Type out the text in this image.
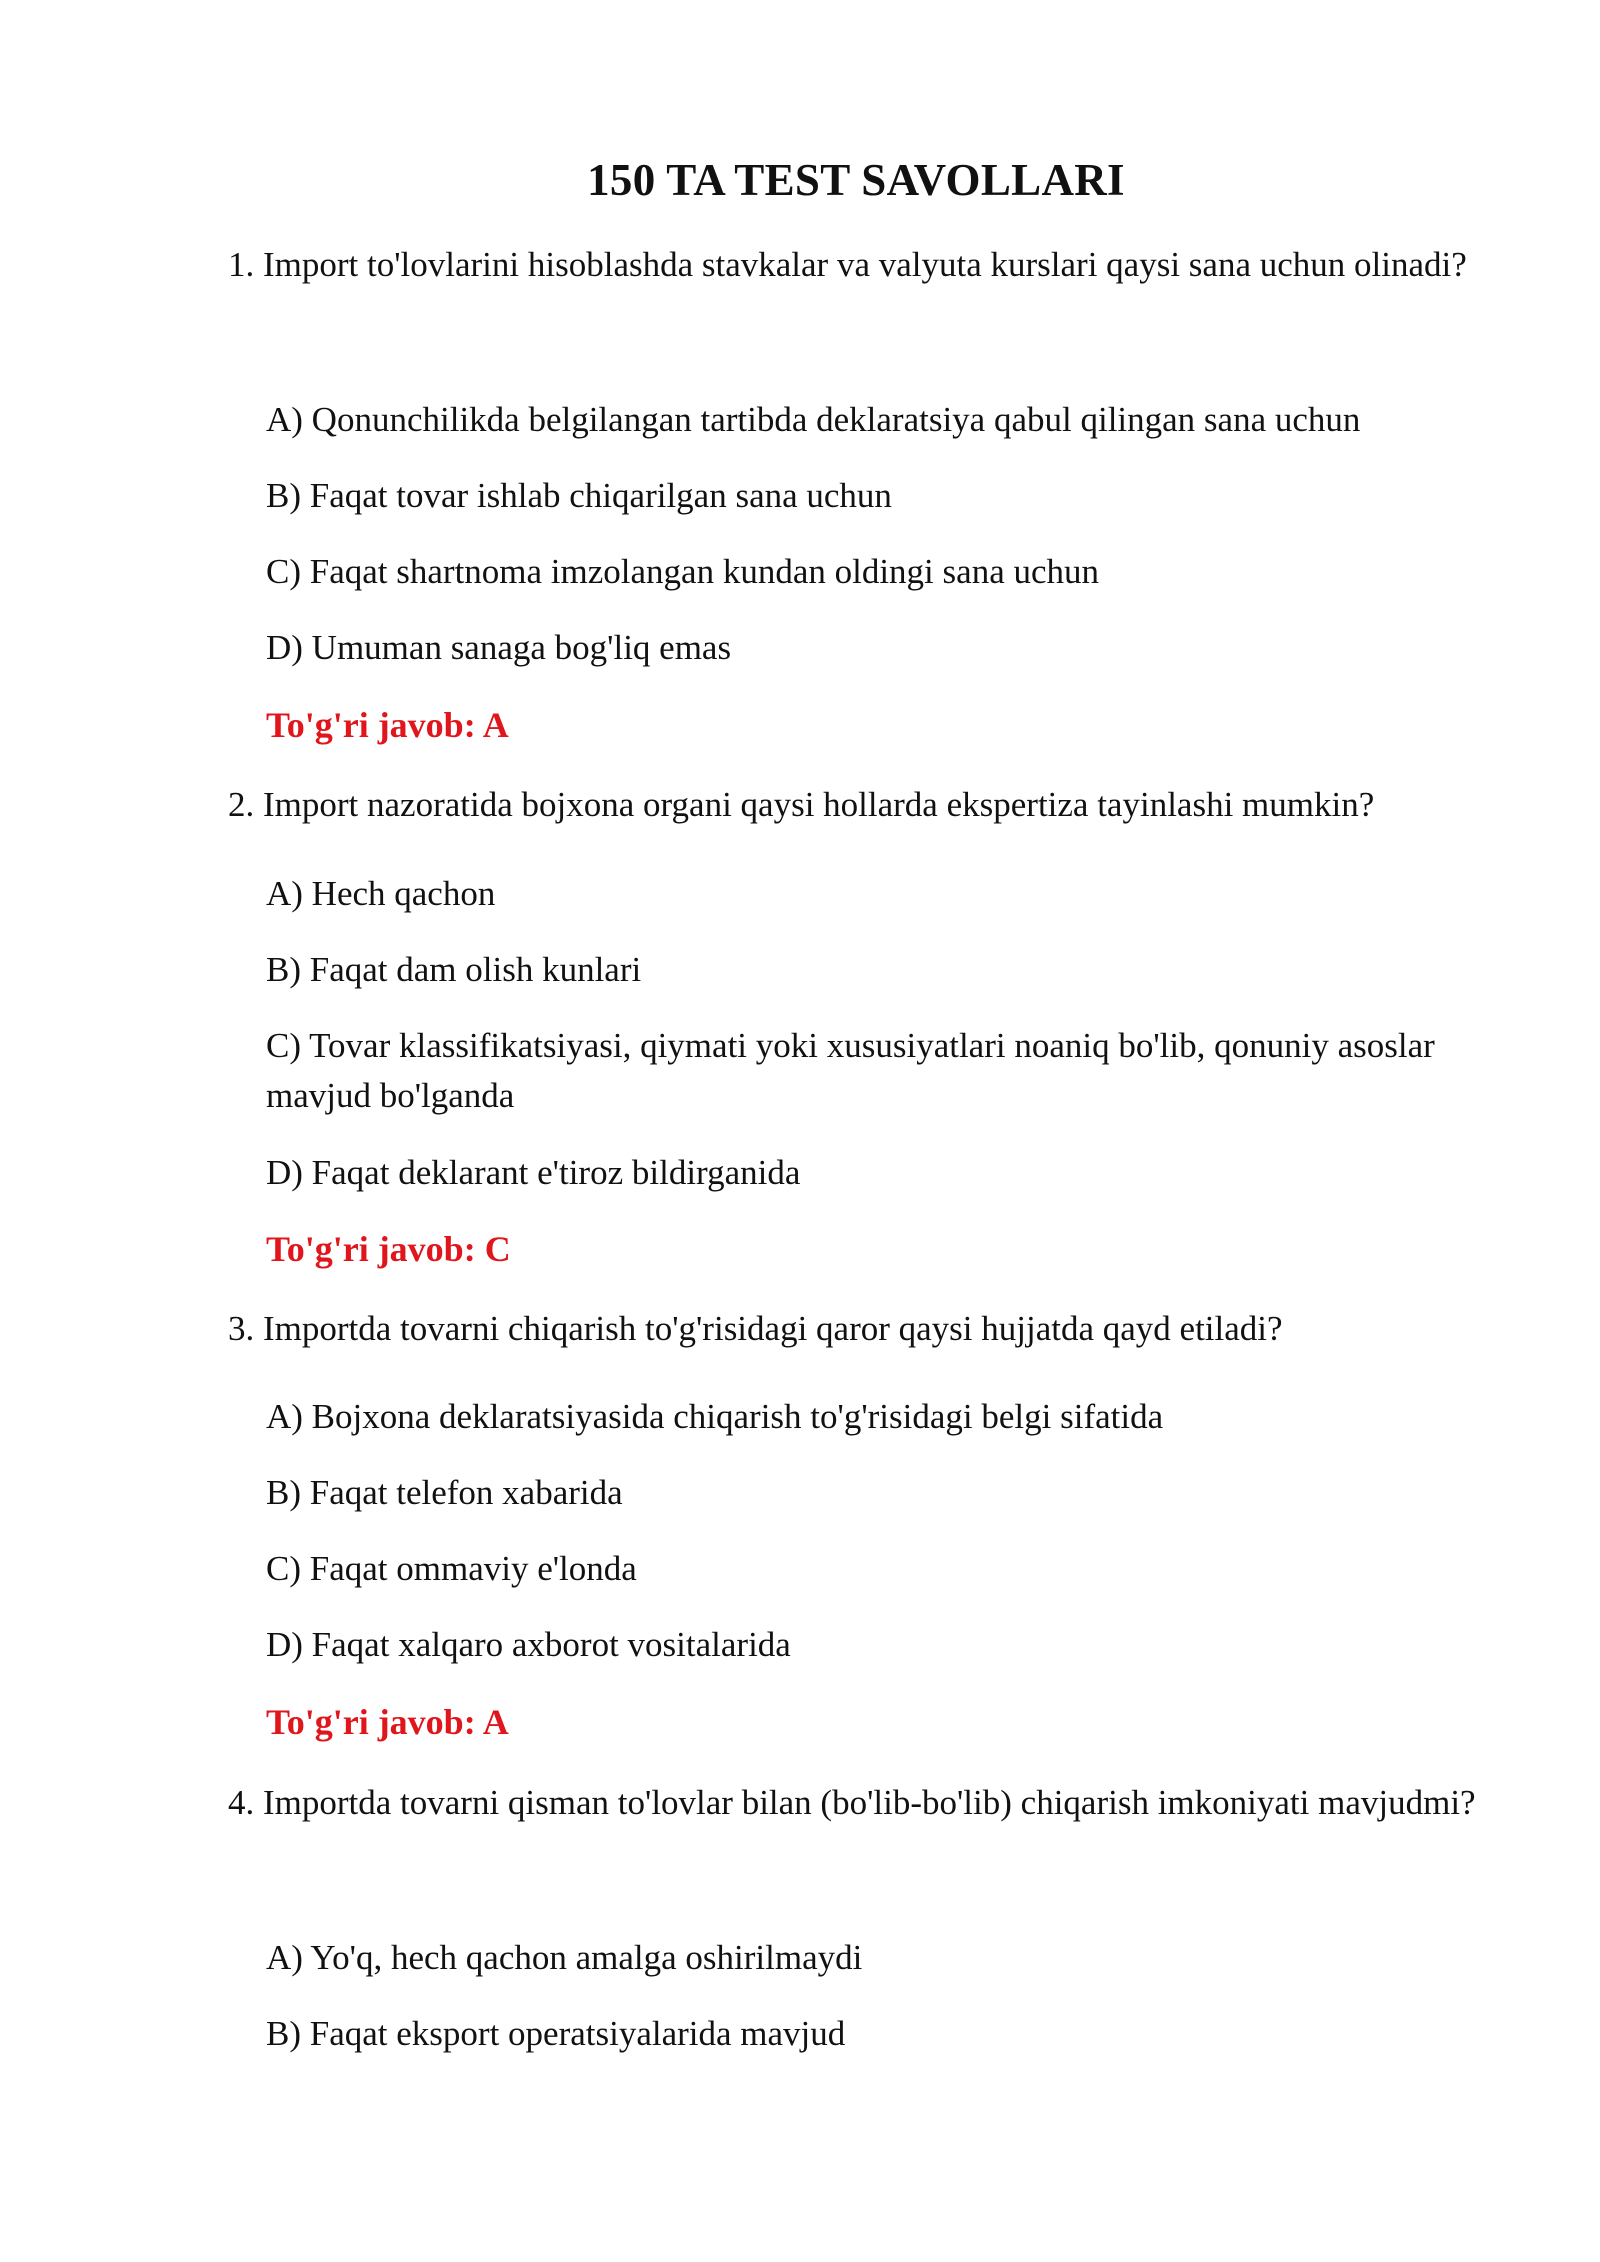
150 TA TEST SAVOLLARI
1. Import to'lovlarini hisoblashda stavkalar va valyuta kurslari qaysi sana uchun olinadi?
A) Qonunchilikda belgilangan tartibda deklaratsiya qabul qilingan sana uchun
B) Faqat tovar ishlab chiqarilgan sana uchun
C) Faqat shartnoma imzolangan kundan oldingi sana uchun
D) Umuman sanaga bog'liq emas
To'g'ri javob: A
2. Import nazoratida bojxona organi qaysi hollarda ekspertiza tayinlashi mumkin?
A) Hech qachon
B) Faqat dam olish kunlari
C) Tovar klassifikatsiyasi, qiymati yoki xususiyatlari noaniq bo'lib, qonuniy asoslar mavjud bo'lganda
D) Faqat deklarant e'tiroz bildirganida
To'g'ri javob: C
3. Importda tovarni chiqarish to'g'risidagi qaror qaysi hujjatda qayd etiladi?
A) Bojxona deklaratsiyasida chiqarish to'g'risidagi belgi sifatida
B) Faqat telefon xabarida
C) Faqat ommaviy e'londa
D) Faqat xalqaro axborot vositalarida
To'g'ri javob: A
4. Importda tovarni qisman to'lovlar bilan (bo'lib-bo'lib) chiqarish imkoniyati mavjudmi?
A) Yo'q, hech qachon amalga oshirilmaydi
B) Faqat eksport operatsiyalarida mavjud
